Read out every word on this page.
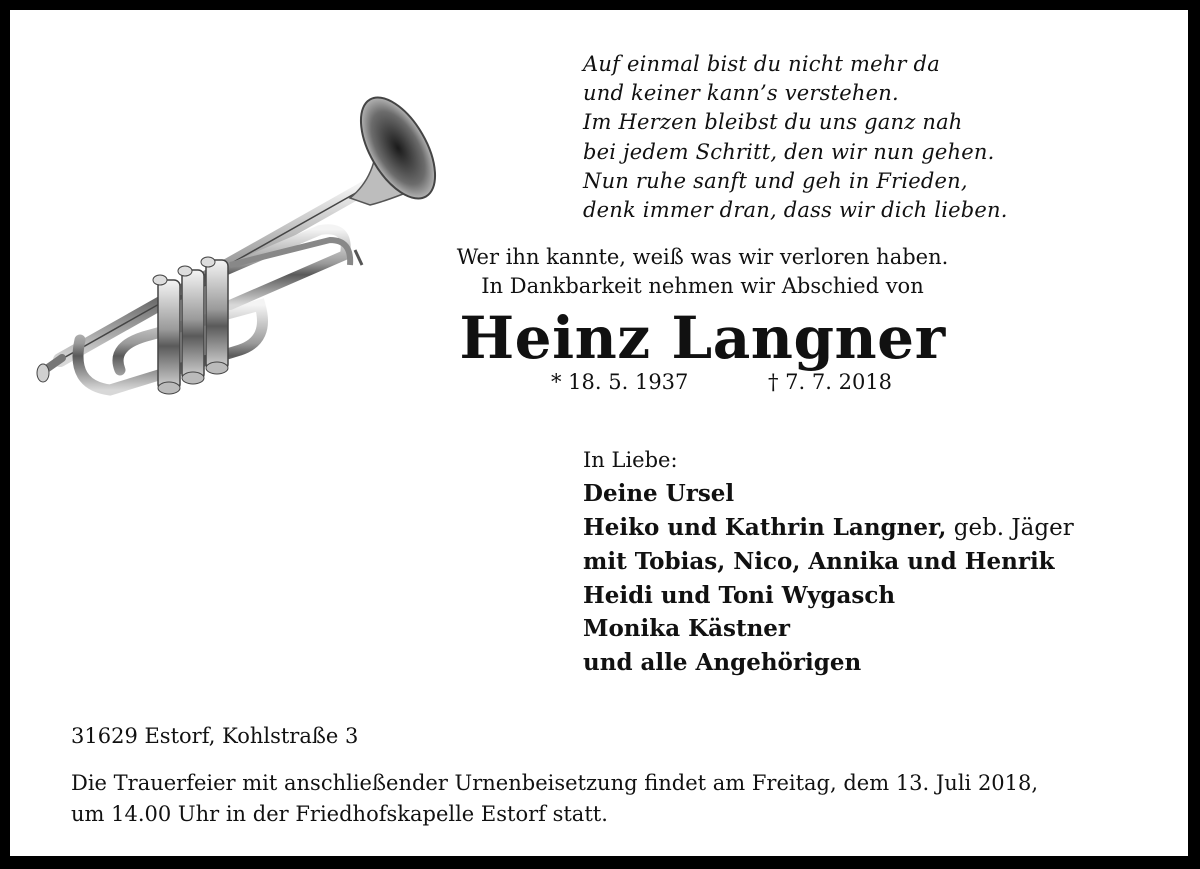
Auf einmal bist du nicht mehr da
und keiner kann’s verstehen.
Im Herzen bleibst du uns ganz nah
bei jedem Schritt, den wir nun gehen.
Nun ruhe sanft und geh in Frieden,
denk immer dran, dass wir dich lieben.
Wer ihn kannte, weiß was wir verloren haben.
In Dankbarkeit nehmen wir Abschied von
Heinz Langner
* 18. 5. 1937	† 7. 7. 2018
In Liebe:
Deine Ursel
Heiko und Kathrin Langner, geb. Jäger
mit Tobias, Nico, Annika und Henrik
Heidi und Toni Wygasch
Monika Kästner
und alle Angehörigen
31629 Estorf, Kohlstraße 3
Die Trauerfeier mit anschließender Urnenbeisetzung findet am Freitag, dem 13. Juli 2018,
um 14.00 Uhr in der Friedhofskapelle Estorf statt.
